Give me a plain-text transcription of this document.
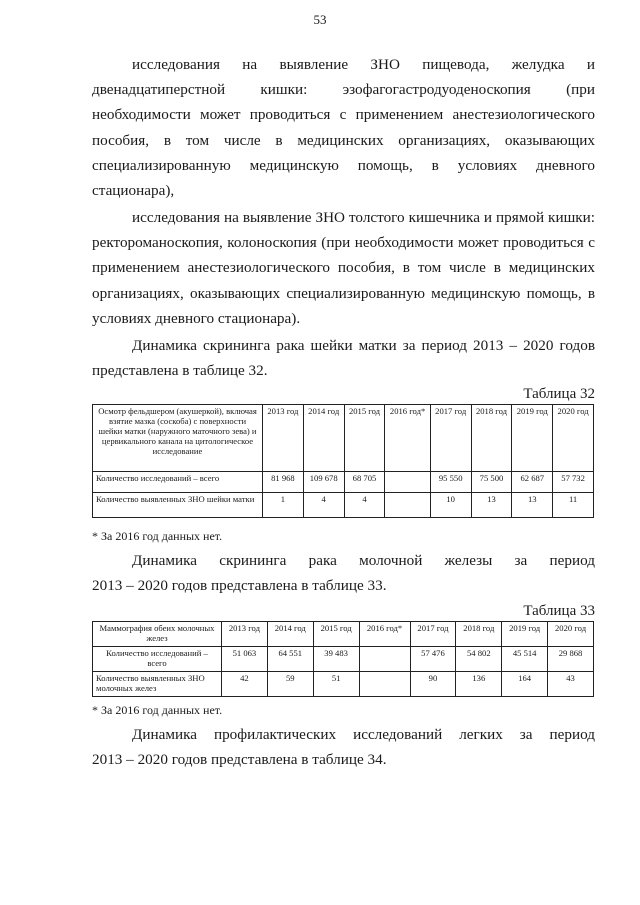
53

исследования на выявление ЗНО пищевода, желудка и

двенадцатиперстной кишки: эзофагогастродуоденоскопия (при

необходимости может проводиться с применением анестезиологического

пособия, в том числе в медицинских организациях, оказывающих

специализированную медицинскую помощь, в условиях дневного

стационара),

исследования на выявление ЗНО толстого кишечника и прямой кишки:

ректороманоскопия, колоноскопия (при необходимости может проводиться с

применением анестезиологического пособия, в том числе в медицинских

организациях, оказывающих специализированную медицинскую помощь, в

условиях дневного стационара).

Динамика скрининга рака шейки матки за период 2013 – 2020 годов

представлена в таблице 32.

Таблица 32
Осмотр фельдшером (акушеркой), включая взятие мазка (соскоба) с поверхности шейки матки (наружного маточного зева) и цервикального канала на цитологическое исследование	2013 год	2014 год	2015 год	2016 год*	2017 год	2018 год	2019 год	2020 год
Количество исследований – всего	81 968	109 678	68 705		95 550	75 500	62 687	57 732
Количество выявленных ЗНО шейки матки	1	4	4		10	13	13	11
* За 2016 год данных нет.

Динамика скрининга рака молочной железы за период

2013 – 2020 годов представлена в таблице 33.

Таблица 33
Маммография обеих молочных желез	2013 год	2014 год	2015 год	2016 год*	2017 год	2018 год	2019 год	2020 год
Количество исследований – всего	51 063	64 551	39 483		57 476	54 802	45 514	29 868
Количество выявленных ЗНО молочных желез	42	59	51		90	136	164	43
* За 2016 год данных нет.

Динамика профилактических исследований легких за период

2013 – 2020 годов представлена в таблице 34.
